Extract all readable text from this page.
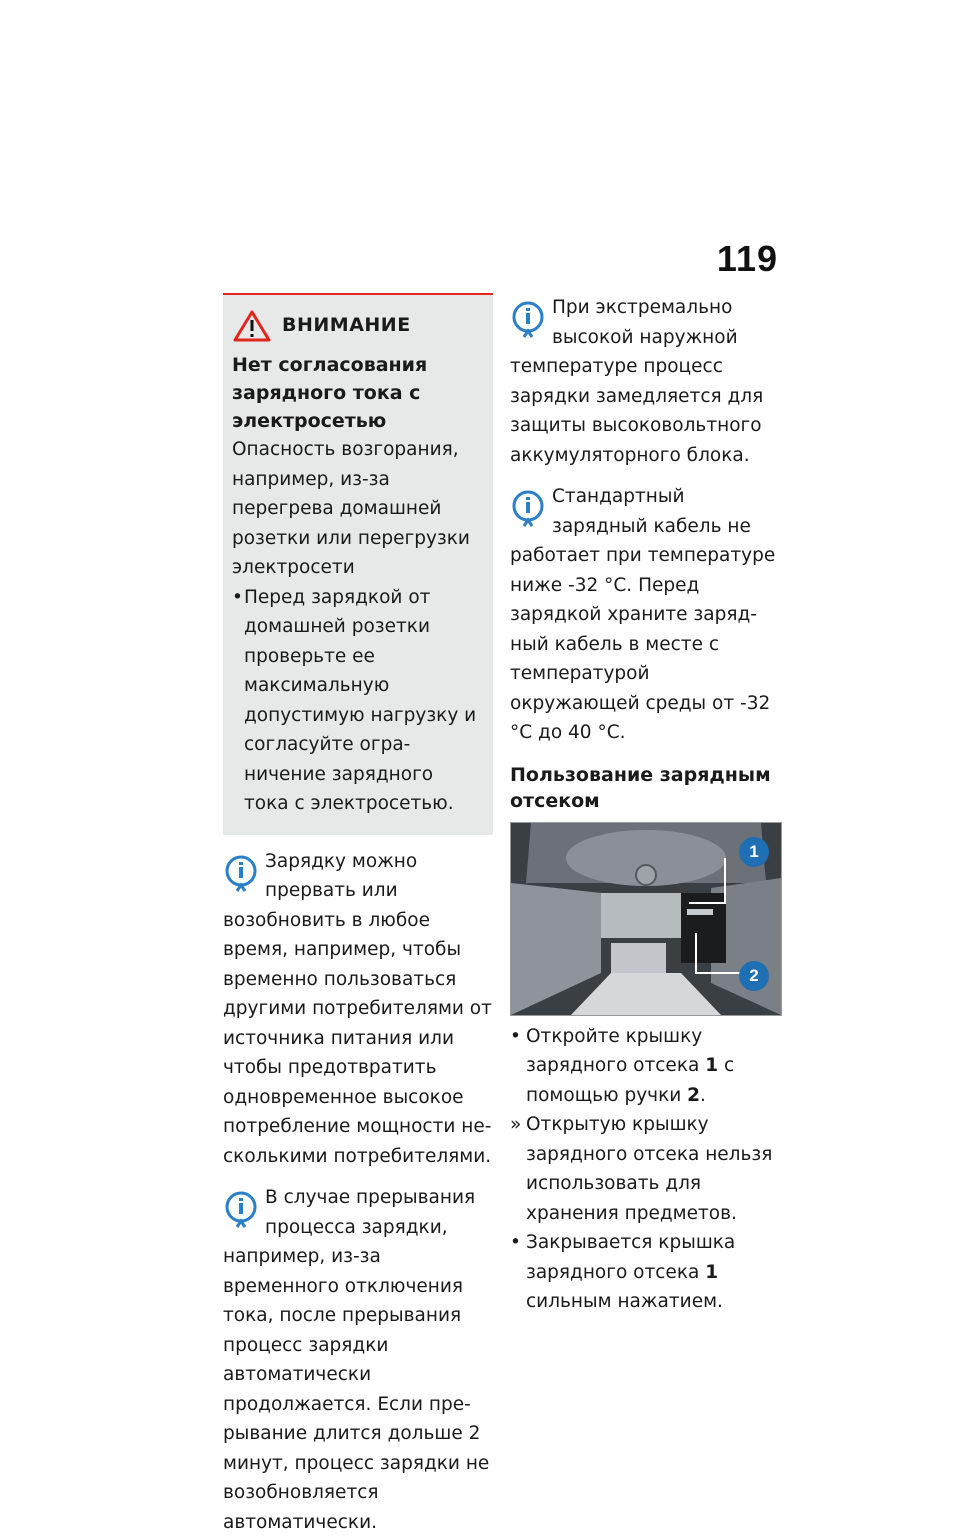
119
ВНИМАНИЕ
Нет согласования зарядного тока с электросетью

Опасность возгорания, например, из-за перегрева домашней розетки или перегрузки электросети

• Перед зарядкой от домашней розетки проверьте ее максимальную допустимую нагрузку и согласуйте ограничение зарядного тока с электросетью.

Зарядку можно прервать или возобновить в любое время, например, чтобы временно пользоваться другими потребителями от источника питания или чтобы предотвратить одновременное высокое потребление мощности несколькими потребителями.

В случае прерывания процесса зарядки, например, из-за временного отключения тока, после прерывания процесс зарядки автоматически продолжается. Если прерывание длится дольше 2 минут, процесс зарядки не возобновляется автоматически.

При экстремально высокой наружной температуре процесс зарядки замедляется для защиты высоковольтного аккумуляторного блока.

Стандартный зарядный кабель не работает при температуре ниже -32 °C. Перед зарядкой храните зарядный кабель в месте с температурой окружающей среды от -32 °C до 40 °C.

Пользование зарядным отсеком
1
2
• Откройте крышку зарядного отсека 1 с помощью ручки 2.
» Открытую крышку зарядного отсека нельзя использовать для хранения предметов.
• Закрывается крышка зарядного отсека 1 сильным нажатием.
